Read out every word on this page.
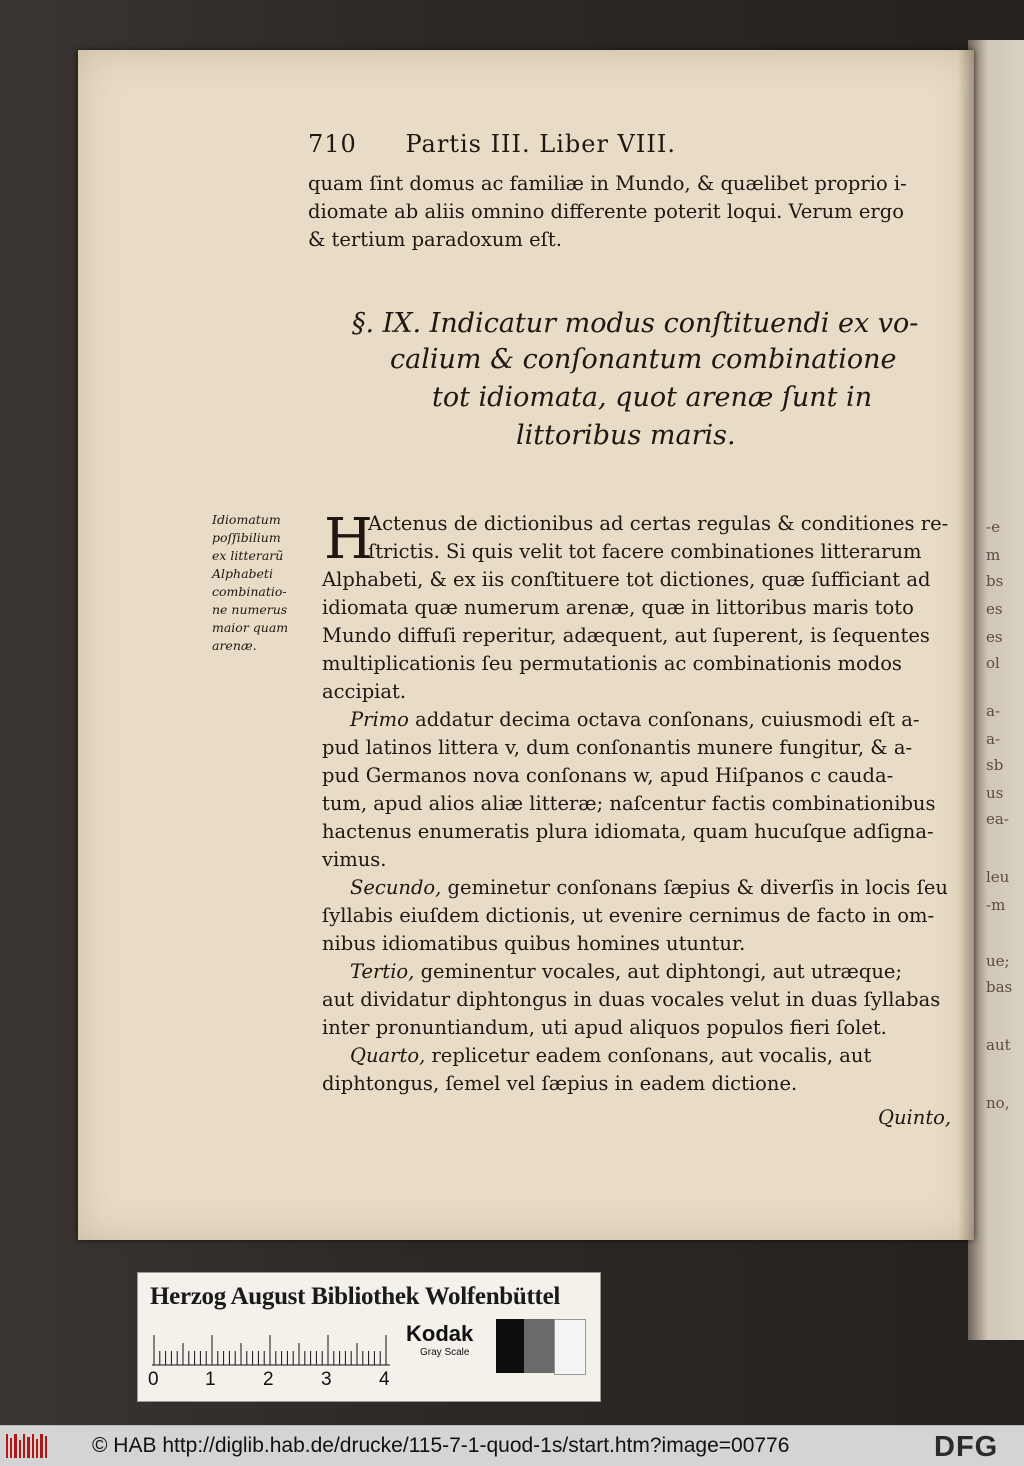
-e
m
bs
es
es
ol
a-
a-
sb
us
ea-
leu
-m
ue;
bas
aut
no,
710 Partis III. Liber VIII.
quam ſint domus ac familiæ in Mundo, & quælibet proprio i-
diomate ab aliis omnino differente poterit loqui. Verum ergo
& tertium paradoxum eſt.
§. IX. Indicatur modus conſtituendi ex vo-
calium & conſonantum combinatione
tot idiomata, quot arenæ ſunt in
littoribus maris.
Idiomatum
poſſibilium
ex litterarũ
Alphabeti
combinatio-
ne numerus
maior quam
arenæ.
H
Actenus de dictionibus ad certas regulas & conditiones re-
ſtrictis. Si quis velit tot facere combinationes litterarum
Alphabeti, & ex iis conſtituere tot dictiones, quæ ſufficiant ad
idiomata quæ numerum arenæ, quæ in littoribus maris toto
Mundo diffuſi reperitur, adæquent, aut ſuperent, is ſequentes
multiplicationis ſeu permutationis ac combinationis modos
accipiat.
Primo addatur decima octava conſonans, cuiusmodi eſt a-
pud latinos littera v, dum conſonantis munere fungitur, & a-
pud Germanos nova conſonans w, apud Hiſpanos c cauda-
tum, apud alios aliæ litteræ; naſcentur factis combinationibus
hactenus enumeratis plura idiomata, quam hucuſque adſigna-
vimus.
Secundo, geminetur conſonans ſæpius & diverſis in locis ſeu
ſyllabis eiuſdem dictionis, ut evenire cernimus de facto in om-
nibus idiomatibus quibus homines utuntur.
Tertio, geminentur vocales, aut diphtongi, aut utræque;
aut dividatur diphtongus in duas vocales velut in duas ſyllabas
inter pronuntiandum, uti apud aliquos populos fieri ſolet.
Quarto, replicetur eadem conſonans, aut vocalis, aut
diphtongus, ſemel vel ſæpius in eadem dictione.
Quinto,
Herzog August Bibliothek Wolfenbüttel
0 1 2 3 4
Kodak
Gray Scale
© HAB http://diglib.hab.de/drucke/115-7-1-quod-1s/start.htm?image=00776	DFG
